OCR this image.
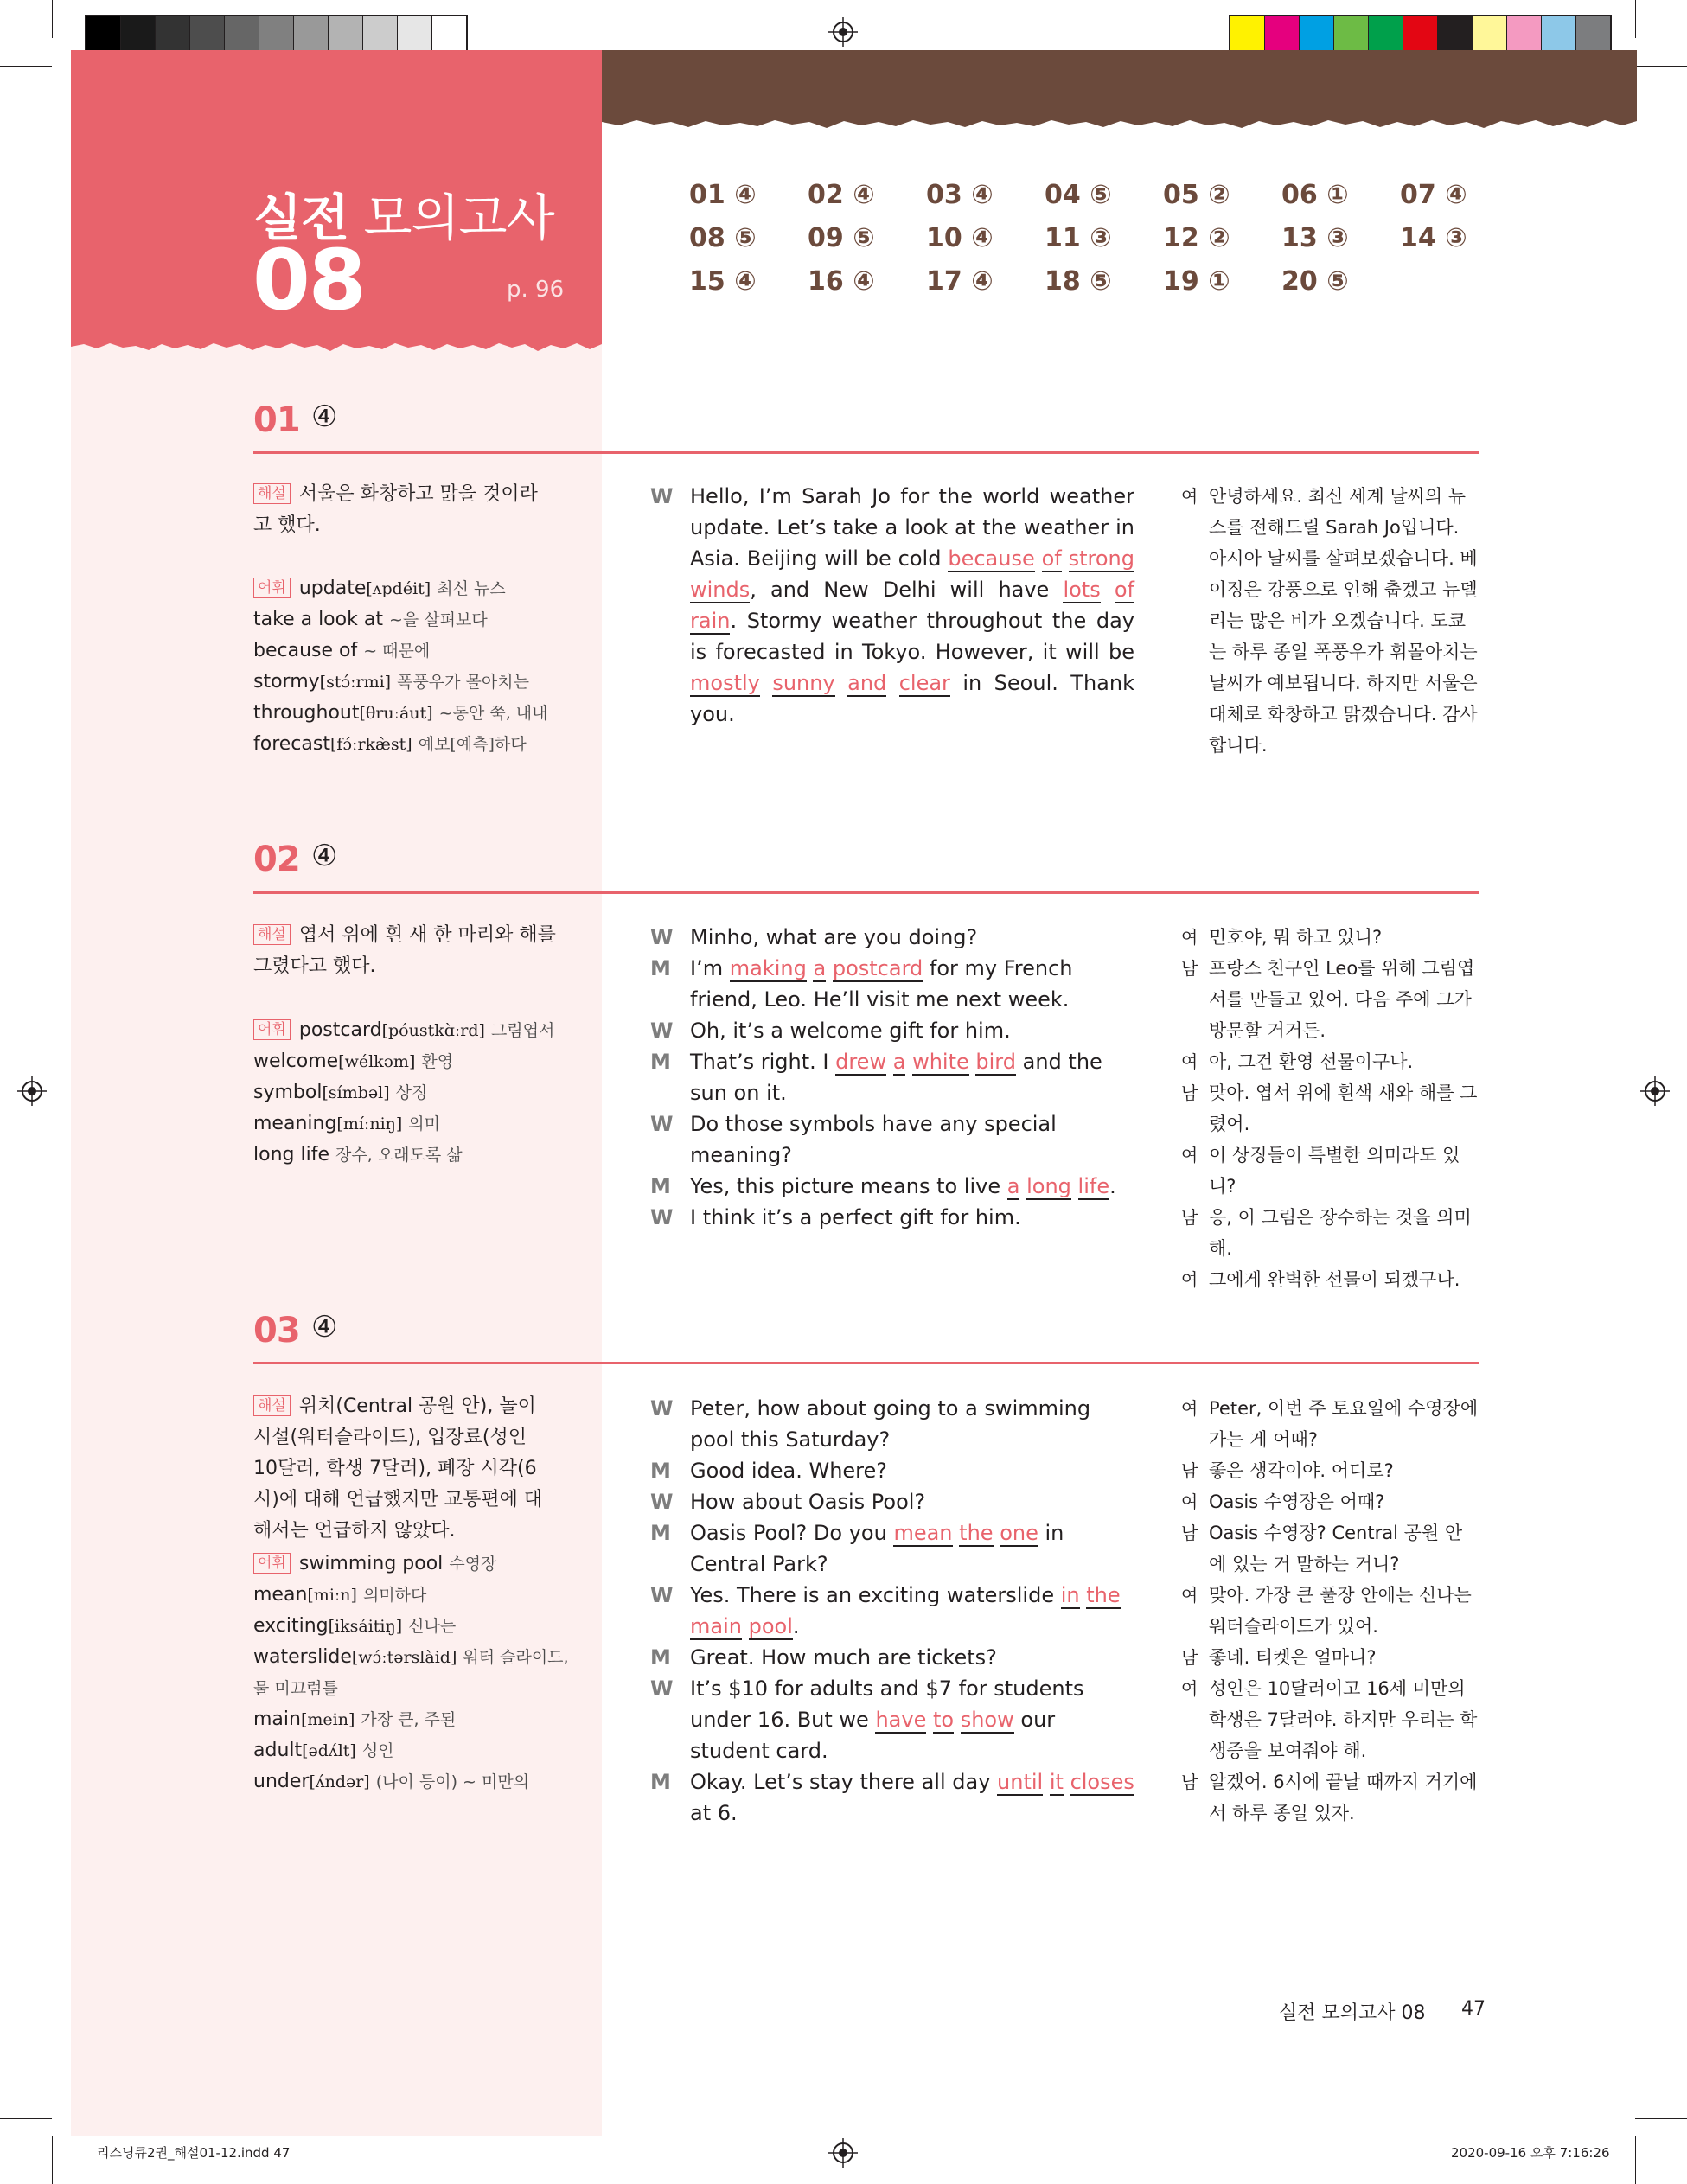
실전 모의고사
08	p. 96
01 ④ 02 ④ 03 ④ 04 ⑤ 05 ② 06 ① 07 ④
08 ⑤ 09 ⑤ 10 ④ 11 ③ 12 ② 13 ③ 14 ③
15 ④ 16 ④ 17 ④ 18 ⑤ 19 ① 20 ⑤
01 ④
해설 서울은 화창하고 맑을 것이라고 했다.
어휘 update[ʌpdéit] 최신 뉴스
take a look at ~을 살펴보다
because of ~ 때문에
stormy[stɔ́ːrmi] 폭풍우가 몰아치는
throughout[θruːáut] ~동안 쭉, 내내
forecast[fɔ́ːrkæ̀st] 예보[예측]하다
W Hello, I’m Sarah Jo for the world weather update. Let’s take a look at the weather in Asia. Beijing will be cold because of strong winds, and New Delhi will have lots of rain. Stormy weather throughout the day is forecasted in Tokyo. However, it will be mostly sunny and clear in Seoul. Thank you.
여 안녕하세요. 최신 세계 날씨의 뉴스를 전해드릴 Sarah Jo입니다. 아시아 날씨를 살펴보겠습니다. 베이징은 강풍으로 인해 춥겠고 뉴델리는 많은 비가 오겠습니다. 도쿄는 하루 종일 폭풍우가 휘몰아치는 날씨가 예보됩니다. 하지만 서울은 대체로 화창하고 맑겠습니다. 감사합니다.
02 ④
해설 엽서 위에 흰 새 한 마리와 해를 그렸다고 했다.
어휘 postcard[póustkɑ̀ːrd] 그림엽서
welcome[wélkəm] 환영
symbol[símbəl] 상징
meaning[míːniŋ] 의미
long life 장수, 오래도록 삶
W Minho, what are you doing?
M I’m making a postcard for my French friend, Leo. He’ll visit me next week.
W Oh, it’s a welcome gift for him.
M That’s right. I drew a white bird and the sun on it.
W Do those symbols have any special meaning?
M Yes, this picture means to live a long life.
W I think it’s a perfect gift for him.
여 민호야, 뭐 하고 있니?
남 프랑스 친구인 Leo를 위해 그림엽서를 만들고 있어. 다음 주에 그가 방문할 거거든.
여 아, 그건 환영 선물이구나.
남 맞아. 엽서 위에 흰색 새와 해를 그렸어.
여 이 상징들이 특별한 의미라도 있니?
남 응, 이 그림은 장수하는 것을 의미해.
여 그에게 완벽한 선물이 되겠구나.
03 ④
해설 위치(Central 공원 안), 놀이 시설(워터슬라이드), 입장료(성인 10달러, 학생 7달러), 폐장 시각(6시)에 대해 언급했지만 교통편에 대해서는 언급하지 않았다.
어휘 swimming pool 수영장
mean[miːn] 의미하다
exciting[iksáitiŋ] 신나는
waterslide[wɔ́ːtərslàid] 워터 슬라이드,
물 미끄럼틀
main[mein] 가장 큰, 주된
adult[ədʌ́lt] 성인
under[ʌ́ndər] (나이 등이) ~ 미만의
W Peter, how about going to a swimming pool this Saturday?
M Good idea. Where?
W How about Oasis Pool?
M Oasis Pool? Do you mean the one in Central Park?
W Yes. There is an exciting waterslide in the main pool.
M Great. How much are tickets?
W It’s $10 for adults and $7 for students under 16. But we have to show our student card.
M Okay. Let’s stay there all day until it closes at 6.
여 Peter, 이번 주 토요일에 수영장에 가는 게 어때?
남 좋은 생각이야. 어디로?
여 Oasis 수영장은 어때?
남 Oasis 수영장? Central 공원 안에 있는 거 말하는 거니?
여 맞아. 가장 큰 풀장 안에는 신나는 워터슬라이드가 있어.
남 좋네. 티켓은 얼마니?
여 성인은 10달러이고 16세 미만의 학생은 7달러야. 하지만 우리는 학생증을 보여줘야 해.
남 알겠어. 6시에 끝날 때까지 거기에서 하루 종일 있자.
실전 모의고사 08 47
리스닝큐2권_해설01-12.indd 47	2020-09-16 오후 7:16:26
